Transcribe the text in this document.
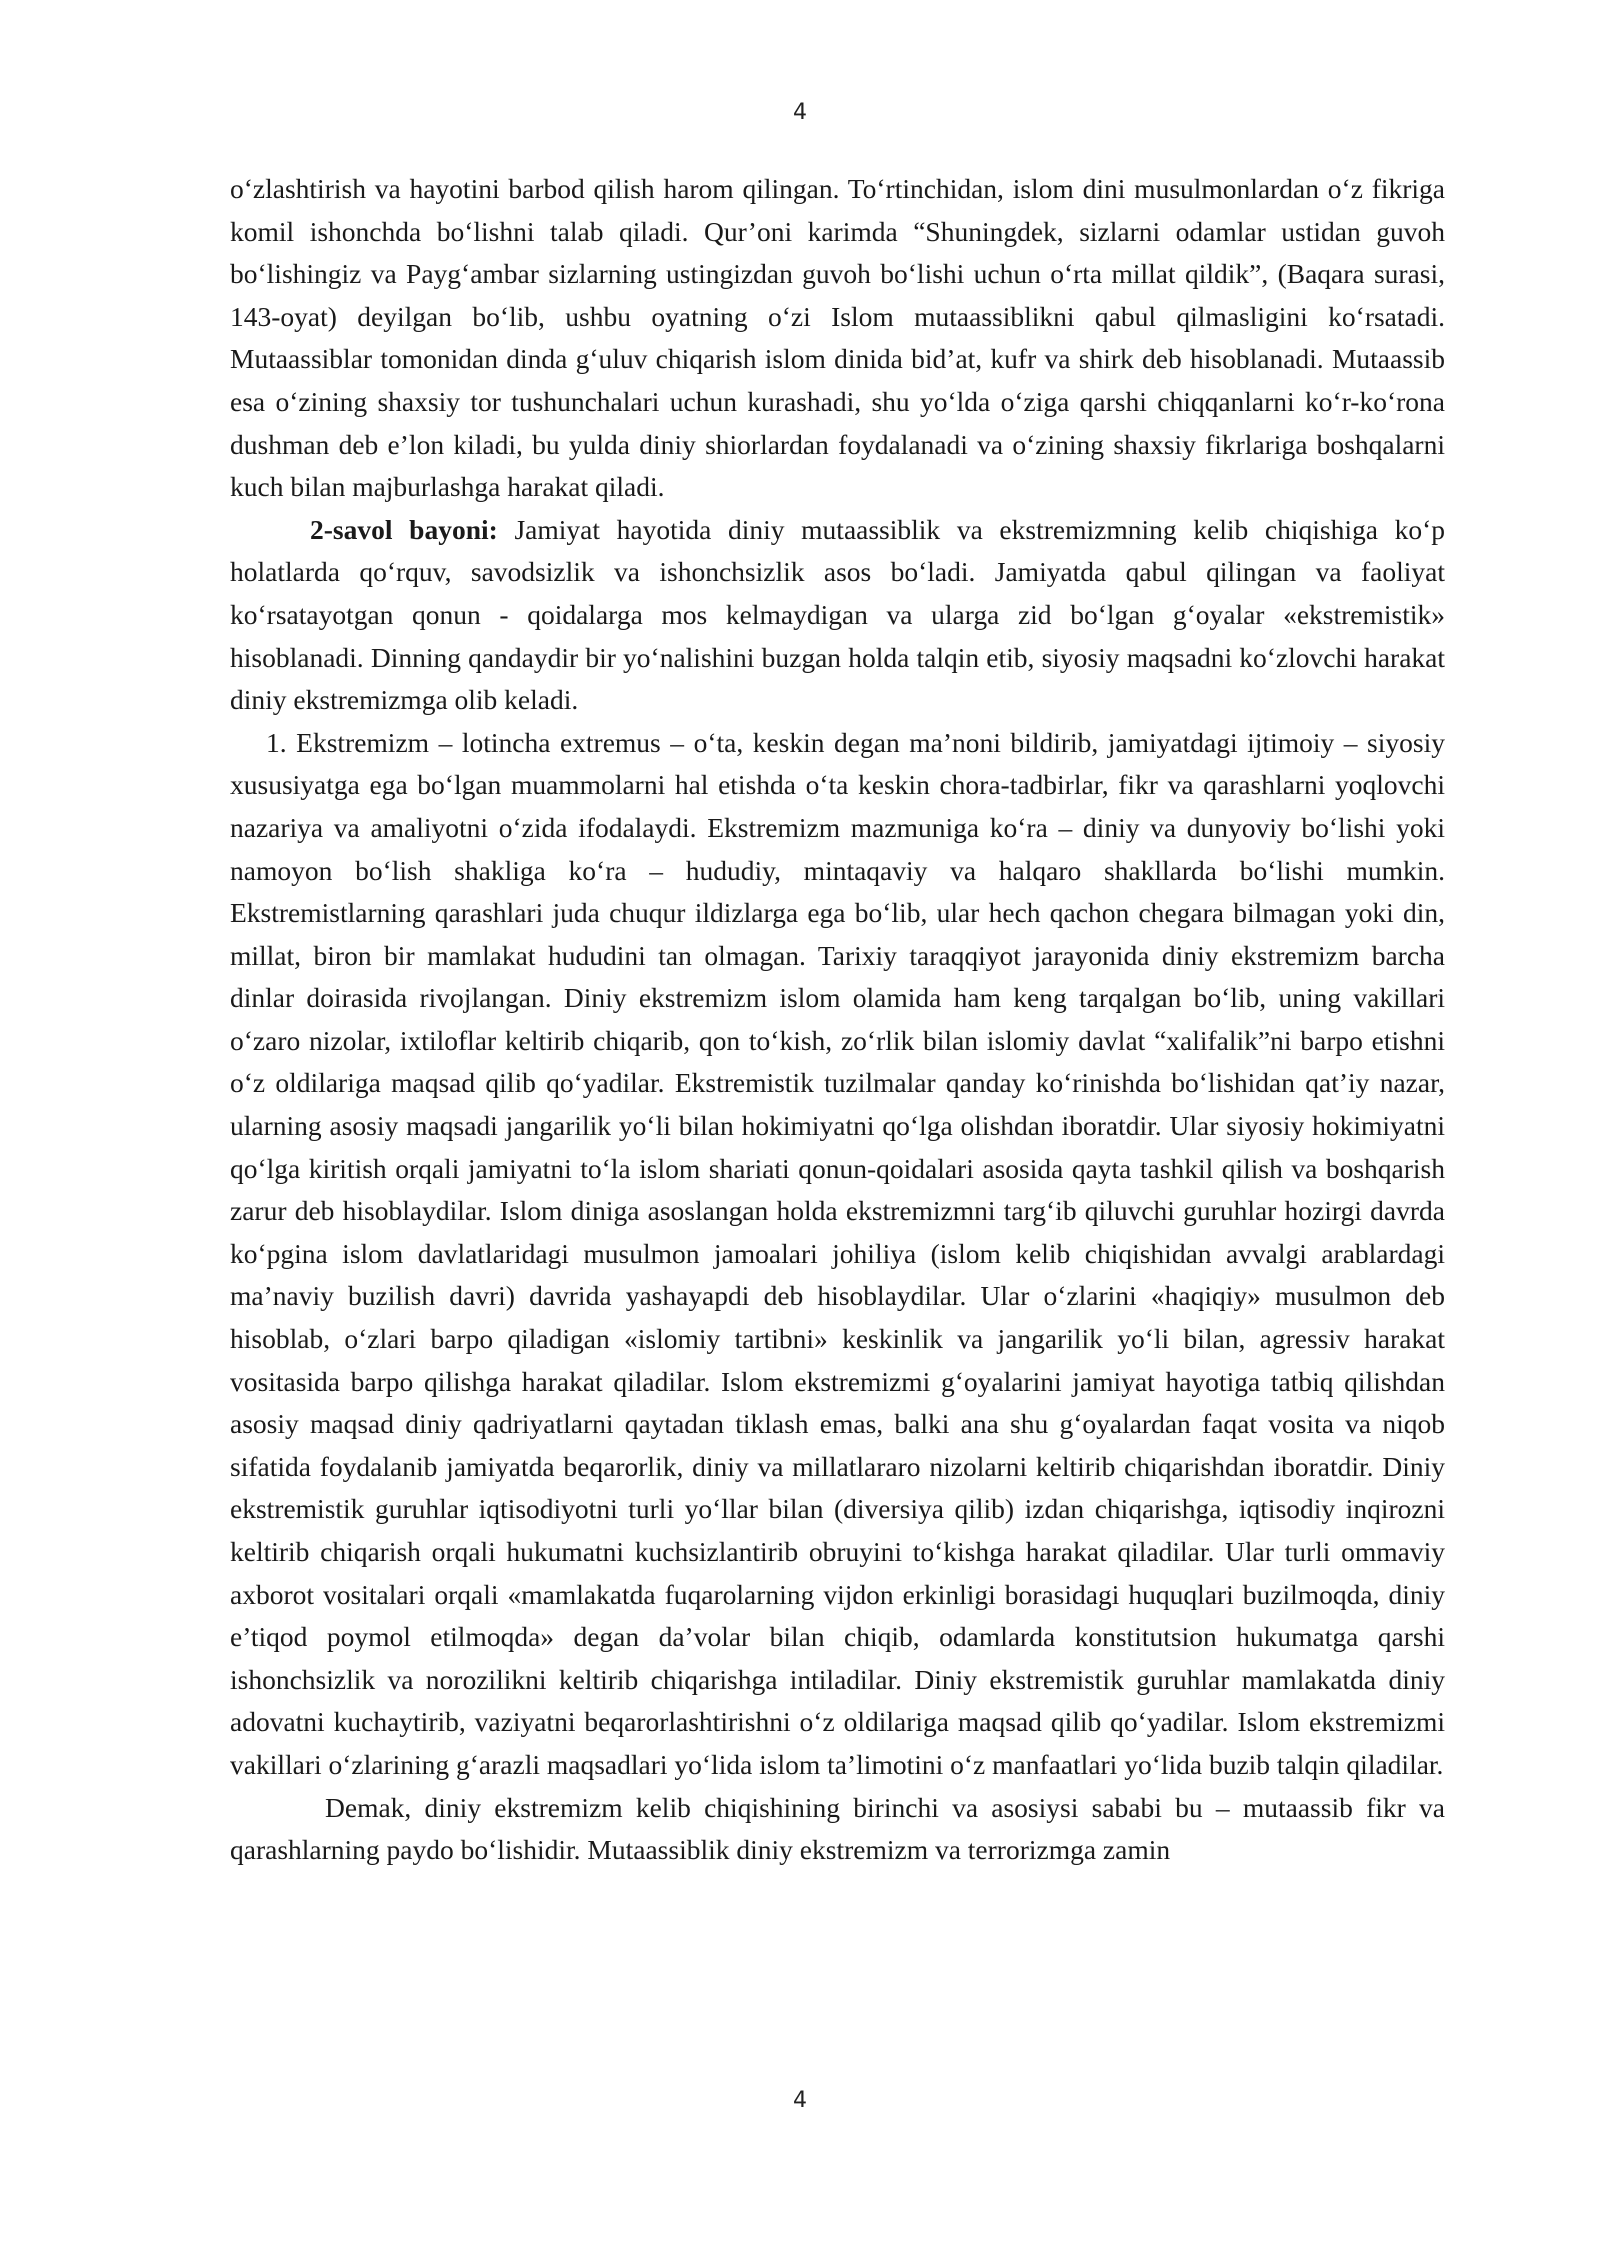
4

o‘zlashtirish va hayotini barbod qilish harom qilingan. To‘rtinchidan, islom dini musulmonlardan o‘z fikriga komil ishonchda bo‘lishni talab qiladi. Qur’oni karimda “Shuningdek, sizlarni odamlar ustidan guvoh bo‘lishingiz va Payg‘ambar sizlarning ustingizdan guvoh bo‘lishi uchun o‘rta millat qildik”, (Baqara surasi, 143-oyat) deyilgan bo‘lib, ushbu oyatning o‘zi Islom mutaassiblikni qabul qilmasligini ko‘rsatadi. Mutaassiblar tomonidan dinda g‘uluv chiqarish islom dinida bid’at, kufr va shirk deb hisoblanadi. Mutaassib esa o‘zining shaxsiy tor tushunchalari uchun kurashadi, shu yo‘lda o‘ziga qarshi chiqqanlarni ko‘r-ko‘rona dushman deb e’lon kiladi, bu yulda diniy shiorlardan foydalanadi va o‘zining shaxsiy fikrlariga boshqalarni kuch bilan majburlashga harakat qiladi.

2-savol bayoni: Jamiyat hayotida diniy mutaassiblik va ekstremizmning kelib chiqishiga ko‘p holatlarda qo‘rquv, savodsizlik va ishonchsizlik asos bo‘ladi. Jamiyatda qabul qilingan va faoliyat ko‘rsatayotgan qonun - qoidalarga mos kelmaydigan va ularga zid bo‘lgan g‘oyalar «ekstremistik» hisoblanadi. Dinning qandaydir bir yo‘nalishini buzgan holda talqin etib, siyosiy maqsadni ko‘zlovchi harakat diniy ekstremizmga olib keladi.

1. Ekstremizm – lotincha extremus – o‘ta, keskin degan ma’noni bildirib, jamiyatdagi ijtimoiy – siyosiy xususiyatga ega bo‘lgan muammolarni hal etishda o‘ta keskin chora-tadbirlar, fikr va qarashlarni yoqlovchi nazariya va amaliyotni o‘zida ifodalaydi. Ekstremizm mazmuniga ko‘ra – diniy va dunyoviy bo‘lishi yoki namoyon bo‘lish shakliga ko‘ra – hududiy, mintaqaviy va halqaro shakllarda bo‘lishi mumkin. Ekstremistlarning qarashlari juda chuqur ildizlarga ega bo‘lib, ular hech qachon chegara bilmagan yoki din, millat, biron bir mamlakat hududini tan olmagan. Tarixiy taraqqiyot jarayonida diniy ekstremizm barcha dinlar doirasida rivojlangan. Diniy ekstremizm islom olamida ham keng tarqalgan bo‘lib, uning vakillari o‘zaro nizolar, ixtiloflar keltirib chiqarib, qon to‘kish, zo‘rlik bilan islomiy davlat “xalifalik”ni barpo etishni o‘z oldilariga maqsad qilib qo‘yadilar. Ekstremistik tuzilmalar qanday ko‘rinishda bo‘lishidan qat’iy nazar, ularning asosiy maqsadi jangarilik yo‘li bilan hokimiyatni qo‘lga olishdan iboratdir. Ular siyosiy hokimiyatni qo‘lga kiritish orqali jamiyatni to‘la islom shariati qonun-qoidalari asosida qayta tashkil qilish va boshqarish zarur deb hisoblaydilar. Islom diniga asoslangan holda ekstremizmni targ‘ib qiluvchi guruhlar hozirgi davrda ko‘pgina islom davlatlaridagi musulmon jamoalari johiliya (islom kelib chiqishidan avvalgi arablardagi ma’naviy buzilish davri) davrida yashayapdi deb hisoblaydilar. Ular o‘zlarini «haqiqiy» musulmon deb hisoblab, o‘zlari barpo qiladigan «islomiy tartibni» keskinlik va jangarilik yo‘li bilan, agressiv harakat vositasida barpo qilishga harakat qiladilar. Islom ekstremizmi g‘oyalarini jamiyat hayotiga tatbiq qilishdan asosiy maqsad diniy qadriyatlarni qaytadan tiklash emas, balki ana shu g‘oyalardan faqat vosita va niqob sifatida foydalanib jamiyatda beqarorlik, diniy va millatlararo nizolarni keltirib chiqarishdan iboratdir. Diniy ekstremistik guruhlar iqtisodiyotni turli yo‘llar bilan (diversiya qilib) izdan chiqarishga, iqtisodiy inqirozni keltirib chiqarish orqali hukumatni kuchsizlantirib obruyini to‘kishga harakat qiladilar. Ular turli ommaviy axborot vositalari orqali «mamlakatda fuqarolarning vijdon erkinligi borasidagi huquqlari buzilmoqda, diniy e’tiqod poymol etilmoqda» degan da’volar bilan chiqib, odamlarda konstitutsion hukumatga qarshi ishonchsizlik va norozilikni keltirib chiqarishga intiladilar. Diniy ekstremistik guruhlar mamlakatda diniy adovatni kuchaytirib, vaziyatni beqarorlashtirishni o‘z oldilariga maqsad qilib qo‘yadilar. Islom ekstremizmi vakillari o‘zlarining g‘arazli maqsadlari yo‘lida islom ta’limotini o‘z manfaatlari yo‘lida buzib talqin qiladilar.

Demak, diniy ekstremizm kelib chiqishining birinchi va asosiysi sababi bu – mutaassib fikr va qarashlarning paydo bo‘lishidir. Mutaassiblik diniy ekstremizm va terrorizmga zamin

4
